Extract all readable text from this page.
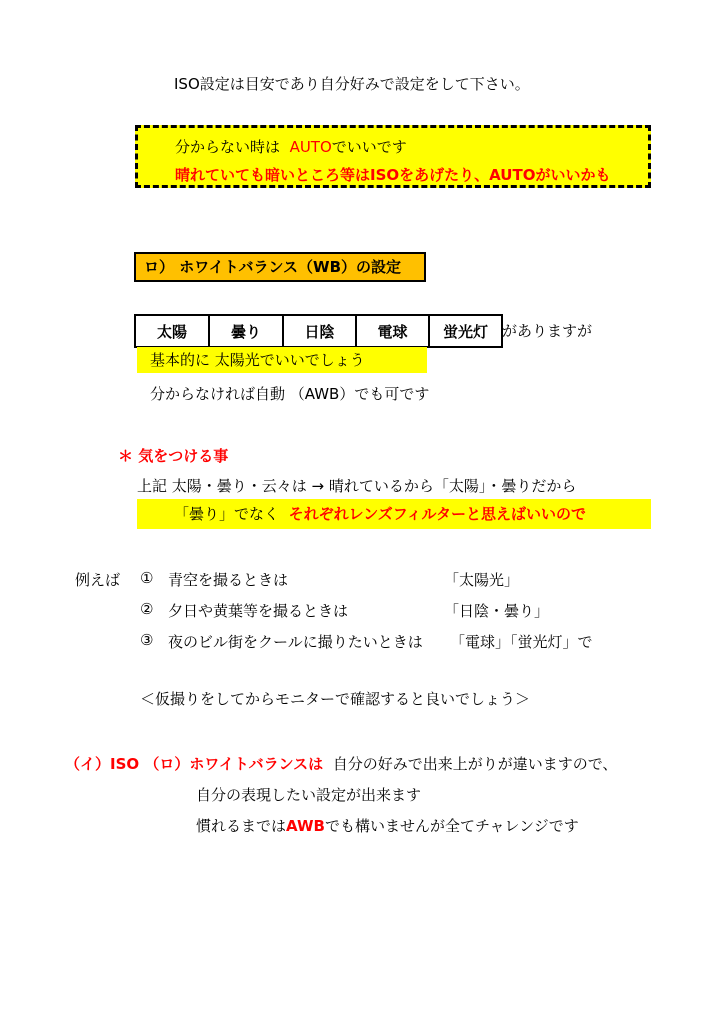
ISO設定は目安であり自分好みで設定をして下さい。
分からない時は AUTOでいいです
晴れていても暗いところ等はISOをあげたり、AUTOがいいかも
ロ） ホワイトバランス（WB）の設定
太陽	曇り	日陰	電球	蛍光灯 がありますが
基本的に 太陽光でいいでしょう
分からなければ自動 （AWB）でも可です
＊ 気をつける事
上記 太陽・曇り・云々は → 晴れているから「太陽」・曇りだから
「曇り」でなく それぞれレンズフィルターと思えばいいので
例えば ① 青空を撮るときは	「太陽光」
② 夕日や黄葉等を撮るときは	「日陰・曇り」
③ 夜のビル街をクールに撮りたいときは 「電球」「蛍光灯」で
＜仮撮りをしてからモニターで確認すると良いでしょう＞
（イ）ISO （ロ）ホワイトバランスは 自分の好みで出来上がりが違いますので、
自分の表現したい設定が出来ます
慣れるまではAWBでも構いませんが全てチャレンジです
